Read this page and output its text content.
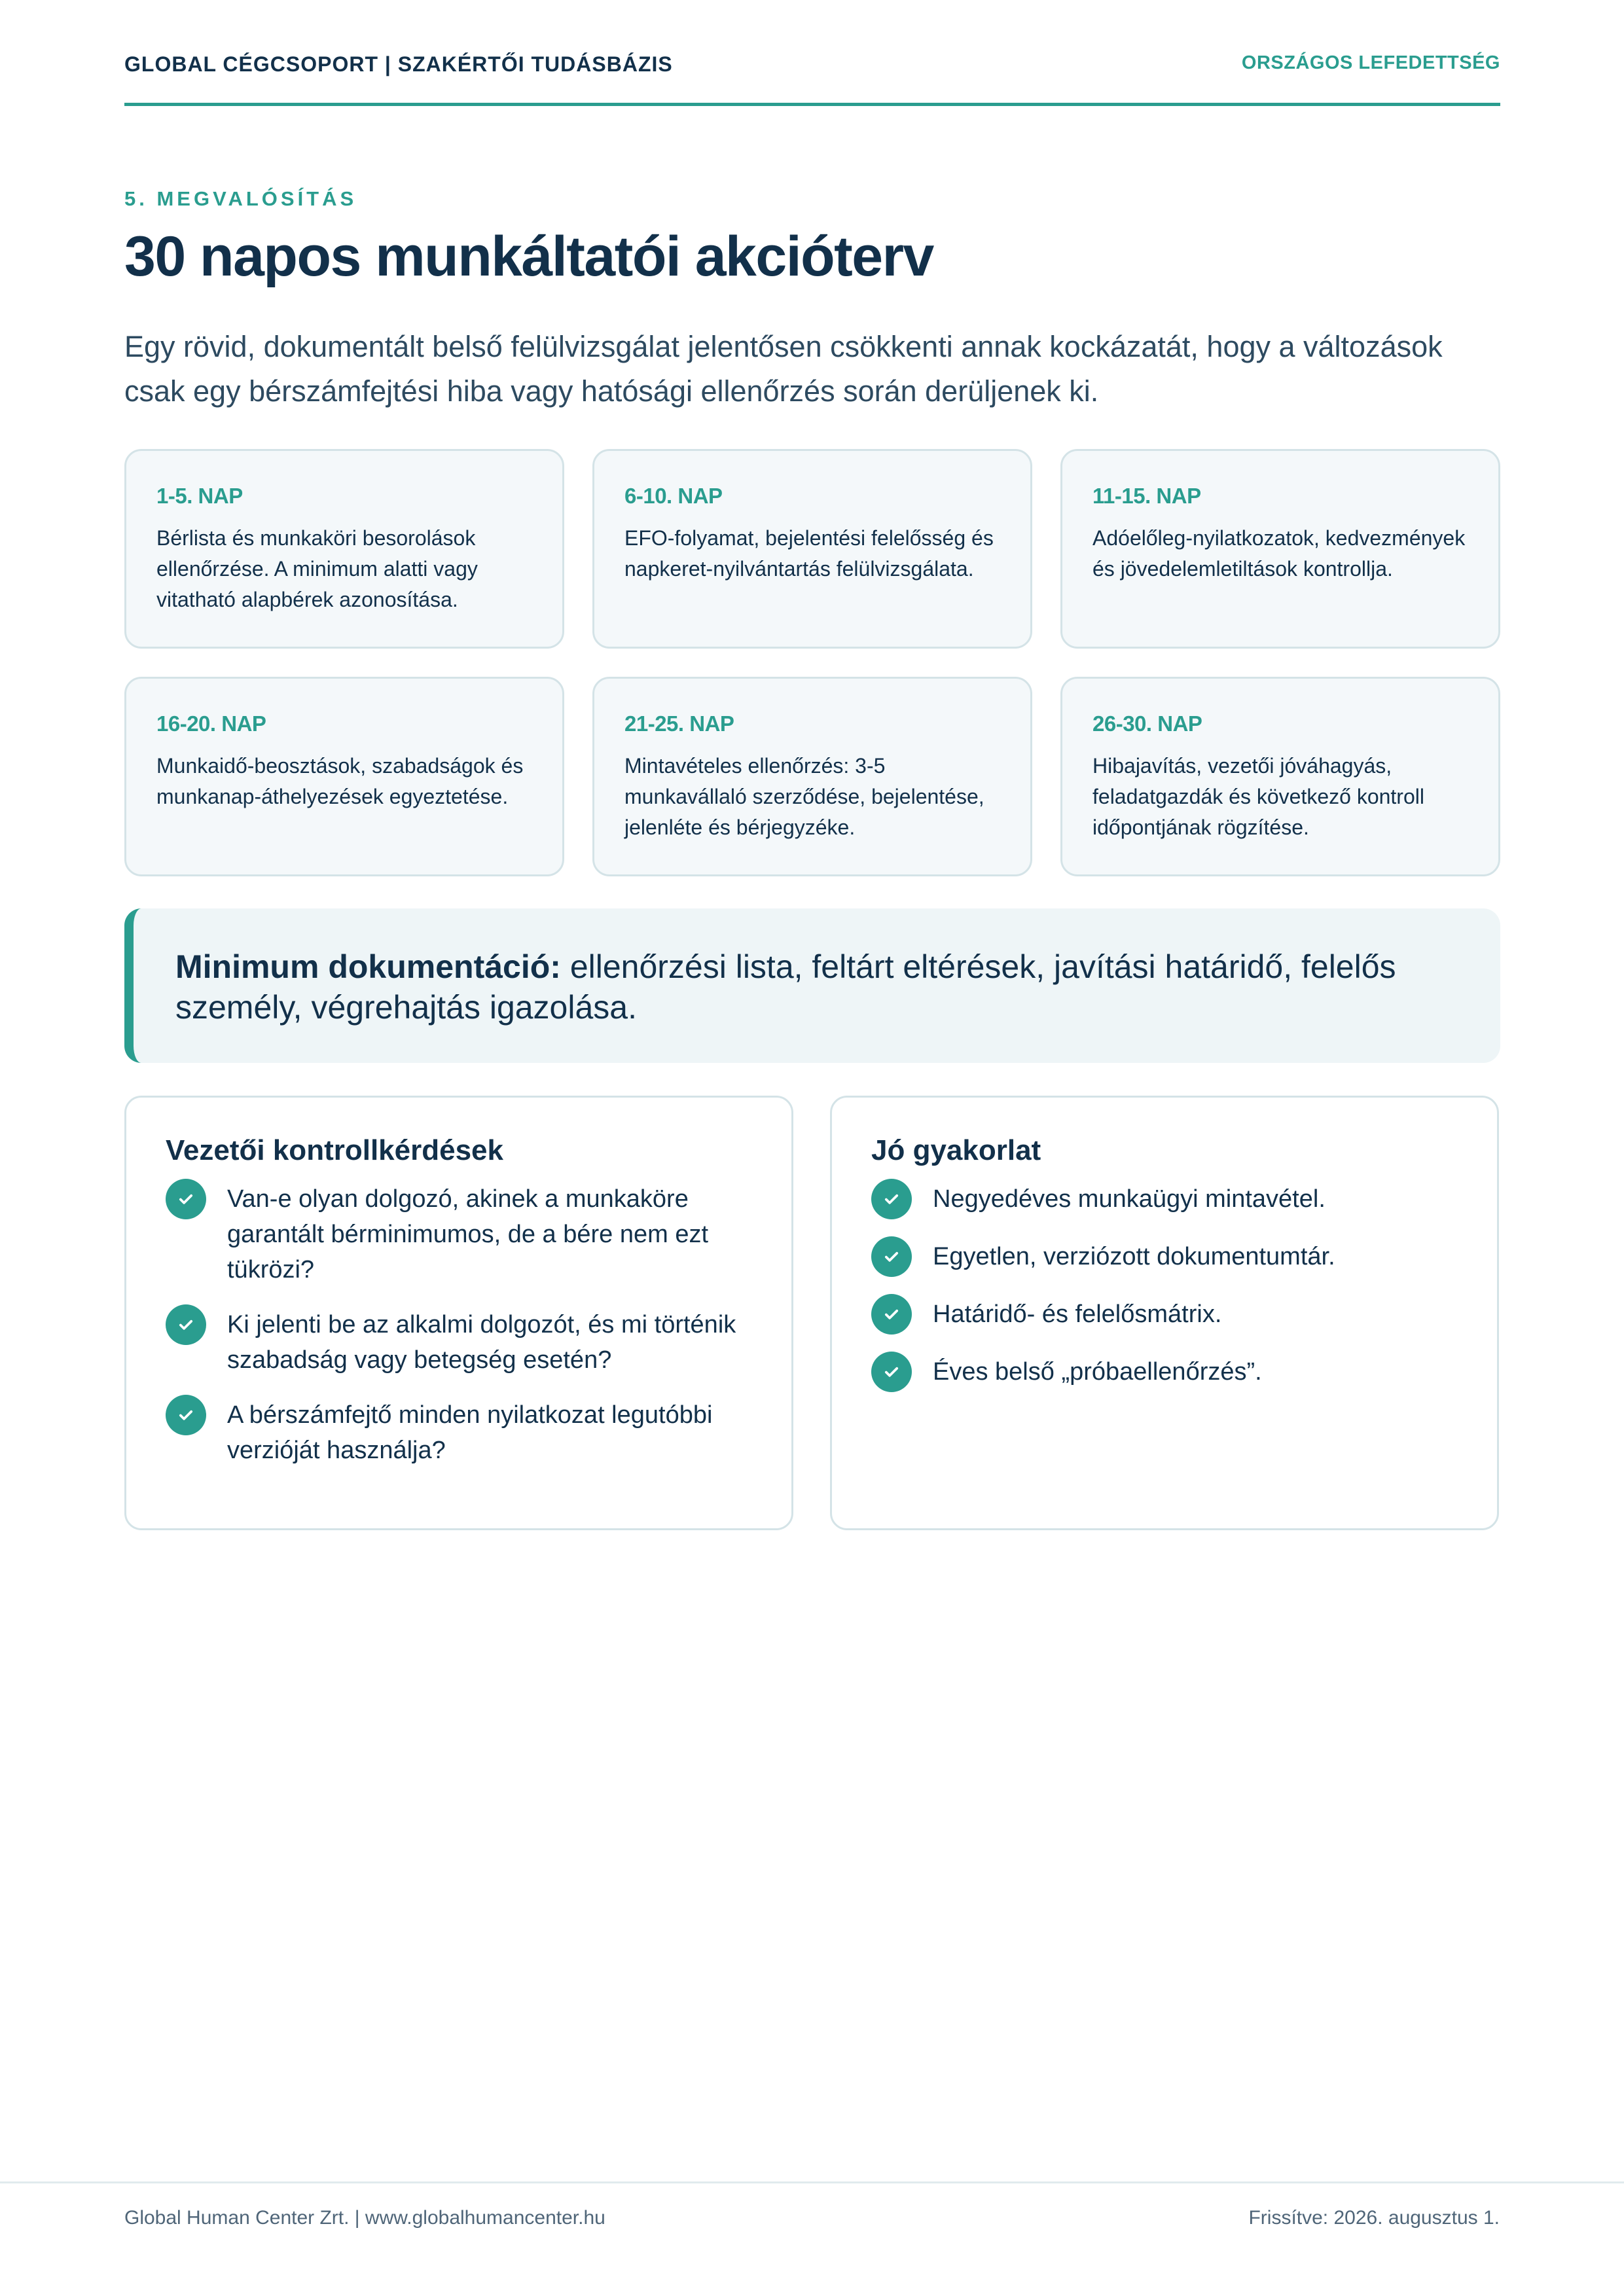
GLOBAL CÉGCSOPORT | SZAKÉRTŐI TUDÁSBÁZIS	ORSZÁGOS LEFEDETTSÉG
5. MEGVALÓSÍTÁS
30 napos munkáltatói akcióterv

Egy rövid, dokumentált belső felülvizsgálat jelentősen csökkenti annak kockázatát, hogy a változások csak egy bérszámfejtési hiba vagy hatósági ellenőrzés során derüljenek ki.

1-5. NAP
Bérlista és munkaköri besorolások ellenőrzése. A minimum alatti vagy vitatható alapbérek azonosítása.
6-10. NAP
EFO-folyamat, bejelentési felelősség és napkeret-nyilvántartás felülvizsgálata.
11-15. NAP
Adóelőleg-nyilatkozatok, kedvezmények és jövedelemletiltások kontrollja.
16-20. NAP
Munkaidő-beosztások, szabadságok és munkanap-áthelyezések egyeztetése.
21-25. NAP
Mintavételes ellenőrzés: 3-5 munkavállaló szerződése, bejelentése, jelenléte és bérjegyzéke.
26-30. NAP
Hibajavítás, vezetői jóváhagyás, feladatgazdák és következő kontroll időpontjának rögzítése.
Minimum dokumentáció: ellenőrzési lista, feltárt eltérések, javítási határidő, felelős személy, végrehajtás igazolása.
Vezetői kontrollkérdések
Van-e olyan dolgozó, akinek a munkaköre garantált bérminimumos, de a bére nem ezt tükrözi?
Ki jelenti be az alkalmi dolgozót, és mi történik szabadság vagy betegség esetén?
A bérszámfejtő minden nyilatkozat legutóbbi verzióját használja?
Jó gyakorlat
Negyedéves munkaügyi mintavétel.
Egyetlen, verziózott dokumentumtár.
Határidő- és felelősmátrix.
Éves belső „próbaellenőrzés”.
Global Human Center Zrt. | www.globalhumancenter.hu	Frissítve: 2026. augusztus 1.
